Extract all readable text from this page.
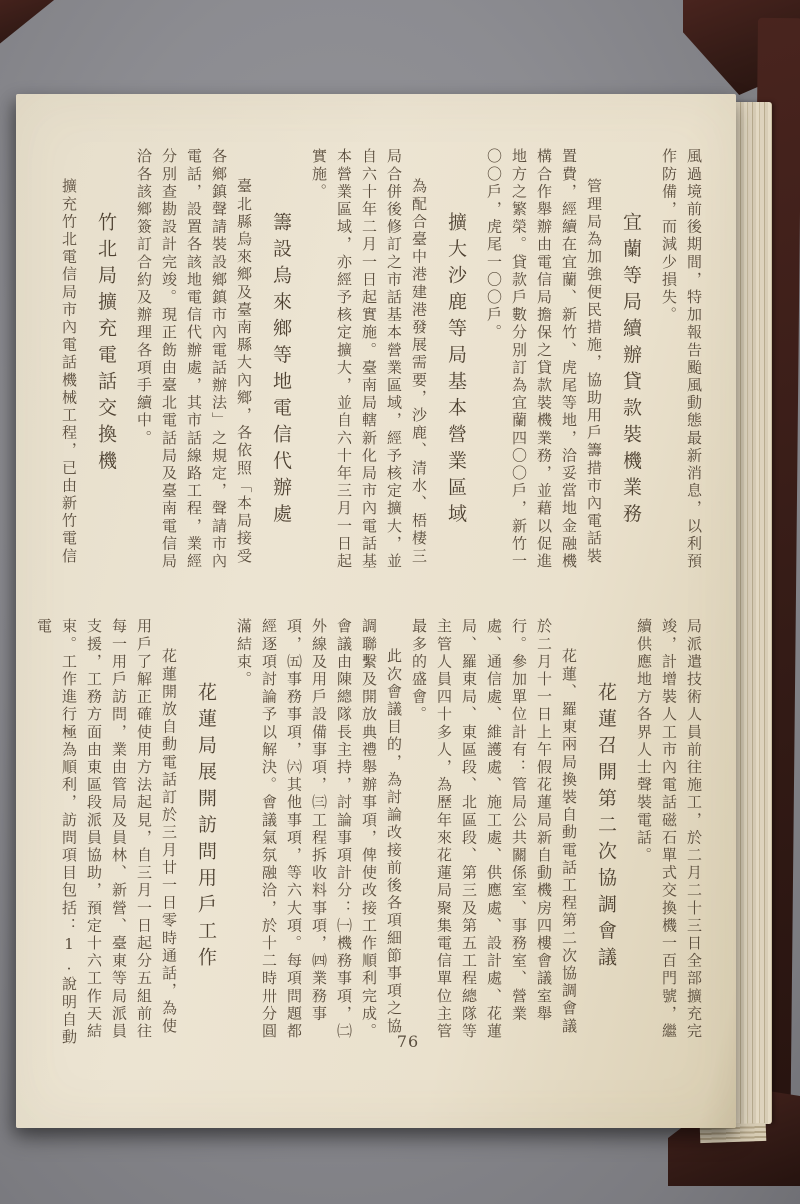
風過境前後期間，特加報告颱風動態最新消息，以利預作防備，而減少損失。

宜蘭等局續辦貸款裝機業務

管理局為加強便民措施，協助用戶籌措市內電話裝置費，經續在宜蘭、新竹、虎尾等地，洽妥當地金融機構合作舉辦由電信局擔保之貸款裝機業務，並藉以促進地方之繁榮。貸款戶數分別訂為宜蘭四〇〇戶，新竹一〇〇戶，虎尾一〇〇戶。

擴大沙鹿等局基本營業區域

為配合臺中港建港發展需要，沙鹿、清水、梧棲三局合併後修訂之市話基本營業區域，經予核定擴大，並自六十年二月一日起實施。臺南局轄新化局市內電話基本營業區域，亦經予核定擴大，並自六十年三月一日起實施。

籌設烏來鄉等地電信代辦處

臺北縣烏來鄉及臺南縣大內鄉，各依照「本局接受各鄉鎮聲請裝設鄉鎮市內電話辦法」之規定，聲請市內電話，設置各該地電信代辦處，其市話線路工程，業經分別查勘設計完竣。現正飭由臺北電話局及臺南電信局洽各該鄉簽訂合約及辦理各項手續中。

竹北局擴充電話交換機

擴充竹北電信局市內電話機械工程，已由新竹電信

局派遣技術人員前往施工，於二月二十三日全部擴充完竣，計增裝人工市內電話磁石單式交換機一百門號，繼續供應地方各界人士聲裝電話。

花蓮召開第二次協調會議

花蓮、羅東兩局換裝自動電話工程第二次協調會議於二月十一日上午假花蓮局新自動機房四樓會議室舉行。參加單位計有：管局公共關係室、事務室、營業處、通信處、維護處、施工處、供應處、設計處、花蓮局、羅東局、東區段、北區段、第三及第五工程總隊等主管人員四十多人，為歷年來花蓮局聚集電信單位主管最多的盛會。

此次會議目的，為討論改接前後各項細節事項之協調聯繫及開放典禮舉辦事項，俾使改接工作順利完成。會議由陳總隊長主持，討論事項計分：㈠機務事項，㈡外線及用戶設備事項，㈢工程拆收料事項，㈣業務事項，㈤事務事項，㈥其他事項，等六大項。每項問題都經逐項討論予以解決。會議氣氛融洽，於十二時卅分圓滿結束。

花蓮局展開訪問用戶工作

花蓮開放自動電話訂於三月廿一日零時通話，為使用戶了解正確使用方法起見，自三月一日起分五組前往每一用戶訪問，業由管局及員林、新營、臺東等局派員支援，工務方面由東區段派員協助，預定十六工作天結束。工作進行極為順利，訪問項目包括：1.說明自動電

76
